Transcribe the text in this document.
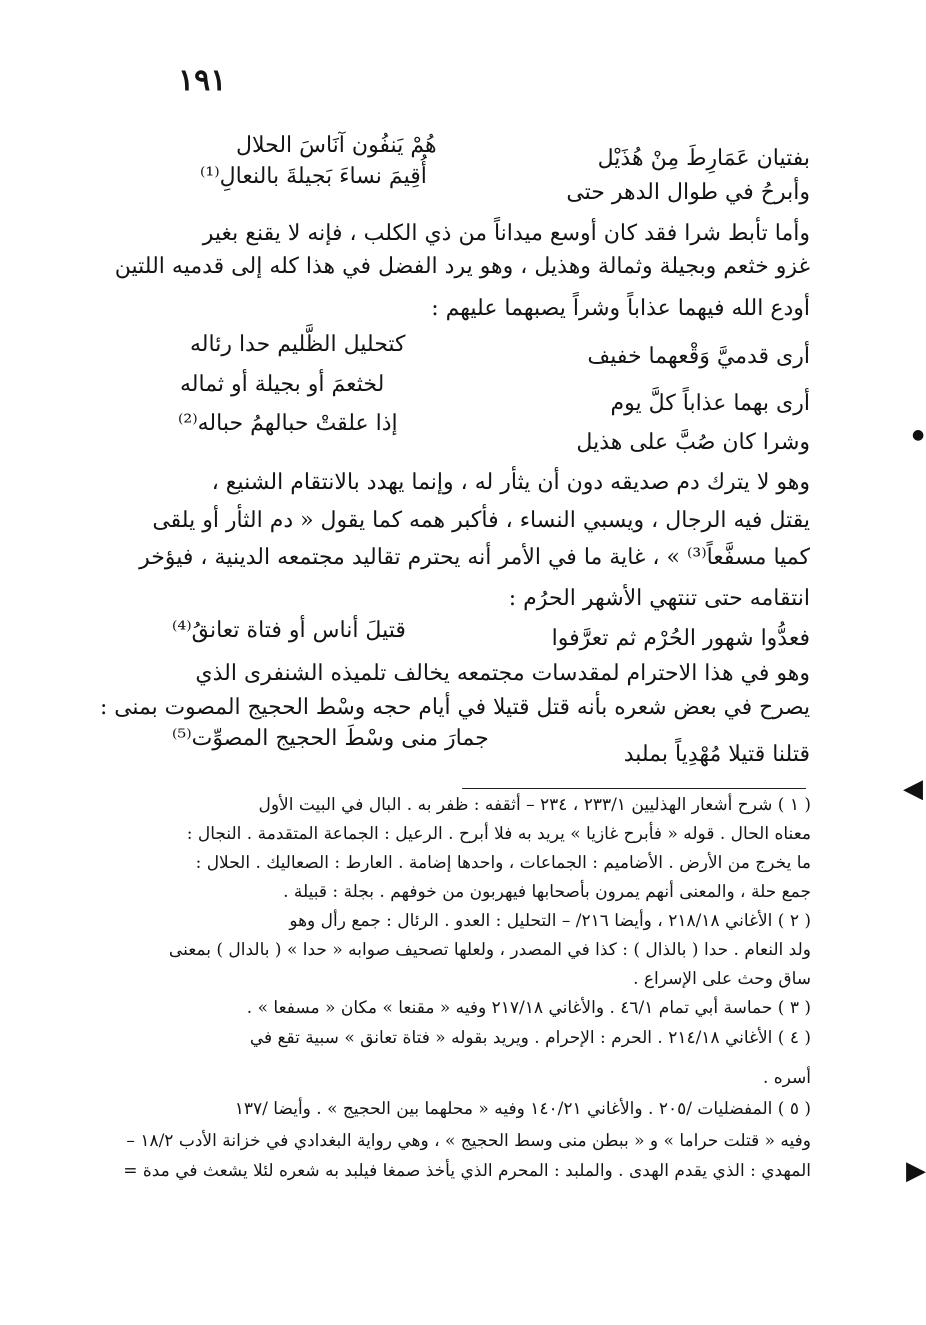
١٩١
بفتيان عَمَارِطَ مِنْ هُذَيْل
هُمْ يَنفُون آنَاسَ الحلال
وأبرحُ في طوال الدهر حتى
أُقِيمَ نساءَ بَجيلةَ بالنعالِ⁽¹⁾
وأما تأبط شرا فقد كان أوسع ميداناً من ذي الكلب ، فإنه لا يقنع بغير
غزو خثعم وبجيلة وثمالة وهذيل ، وهو يرد الفضل في هذا كله إلى قدميه اللتين
أودع الله فيهما عذاباً وشراً يصبهما عليهم :
أرى قدميَّ وَقْعهما خفيف
كتحليل الظَّليم حدا رئاله
أرى بهما عذاباً كلَّ يوم
لخثعمَ أو بجيلة أو ثماله
وشرا كان صُبَّ على هذيل
إذا علقتْ حبالهمُ حباله⁽²⁾
وهو لا يترك دم صديقه دون أن يثأر له ، وإنما يهدد بالانتقام الشنيع ،
يقتل فيه الرجال ، ويسبي النساء ، فأكبر همه كما يقول « دم الثأر أو يلقى
كميا مسفَّعاً⁽³⁾ » ، غاية ما في الأمر أنه يحترم تقاليد مجتمعه الدينية ، فيؤخر
انتقامه حتى تنتهي الأشهر الحرُم :
فعدُّوا شهور الحُرْم ثم تعرَّفوا
قتيلَ أناس أو فتاة تعانقُ⁽⁴⁾
وهو في هذا الاحترام لمقدسات مجتمعه يخالف تلميذه الشنفرى الذي
يصرح في بعض شعره بأنه قتل قتيلا في أيام حجه وسْط الحجيج المصوت بمنى :
قتلنا قتيلا مُهْدِياً بملبد
جمارَ منى وسْطَ الحجيج المصوِّت⁽⁵⁾
( ١ ) شرح أشعار الهذليين ٢٣٣/١ ، ٢٣٤ – أثقفه : ظفر به . البال في البيت الأول
معناه الحال . قوله « فأبرح غازيا » يريد به فلا أبرح . الرعيل : الجماعة المتقدمة . النجال :
ما يخرج من الأرض . الأضاميم : الجماعات ، واحدها إضامة . العارط : الصعاليك . الحلال :
جمع حلة ، والمعنى أنهم يمرون بأصحابها فيهربون من خوفهم . بجلة : قبيلة .
( ٢ ) الأغاني ٢١٨/١٨ ، وأيضا ٢١٦/ – التحليل : العدو . الرئال : جمع رأل وهو
ولد النعام . حدا ( بالذال ) : كذا في المصدر ، ولعلها تصحيف صوابه « حدا » ( بالدال ) بمعنى
ساق وحث على الإسراع .
( ٣ ) حماسة أبي تمام ٤٦/١ . والأغاني ٢١٧/١٨ وفيه « مقنعا » مكان « مسفعا » .
( ٤ ) الأغاني ٢١٤/١٨ . الحرم : الإحرام . ويريد بقوله « فتاة تعانق » سبية تقع في
أسره .
( ٥ ) المفضليات /٢٠٥ . والأغاني ١٤٠/٢١ وفيه « محلهما بين الحجيج » . وأيضا /١٣٧
وفيه « قتلت حراما » و « ببطن منى وسط الحجيج » ، وهي رواية البغدادي في خزانة الأدب ١٨/٢ –
المهدي : الذي يقدم الهدى . والملبد : المحرم الذي يأخذ صمغا فيلبد به شعره لئلا يشعث في مدة =
●
◀
▶
